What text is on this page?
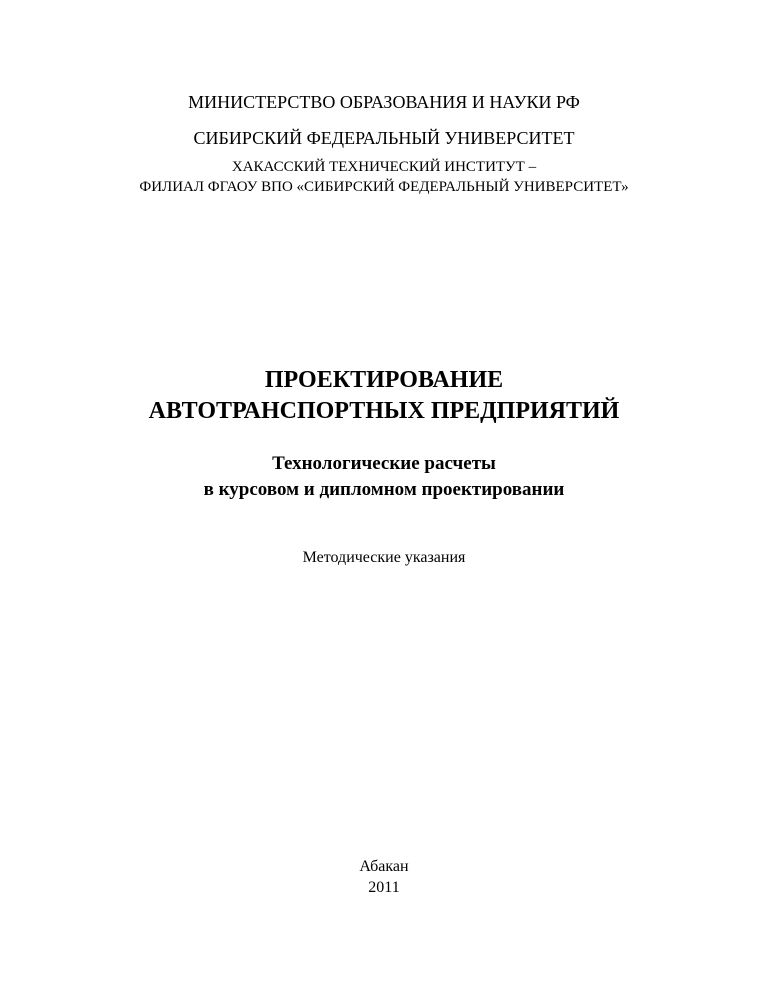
МИНИСТЕРСТВО ОБРАЗОВАНИЯ И НАУКИ РФ
СИБИРСКИЙ ФЕДЕРАЛЬНЫЙ УНИВЕРСИТЕТ
ХАКАССКИЙ ТЕХНИЧЕСКИЙ ИНСТИТУТ –
ФИЛИАЛ ФГАОУ ВПО «СИБИРСКИЙ ФЕДЕРАЛЬНЫЙ УНИВЕРСИТЕТ»
ПРОЕКТИРОВАНИЕ
АВТОТРАНСПОРТНЫХ ПРЕДПРИЯТИЙ
Технологические расчеты
в курсовом и дипломном проектировании
Методические указания
Абакан
2011
